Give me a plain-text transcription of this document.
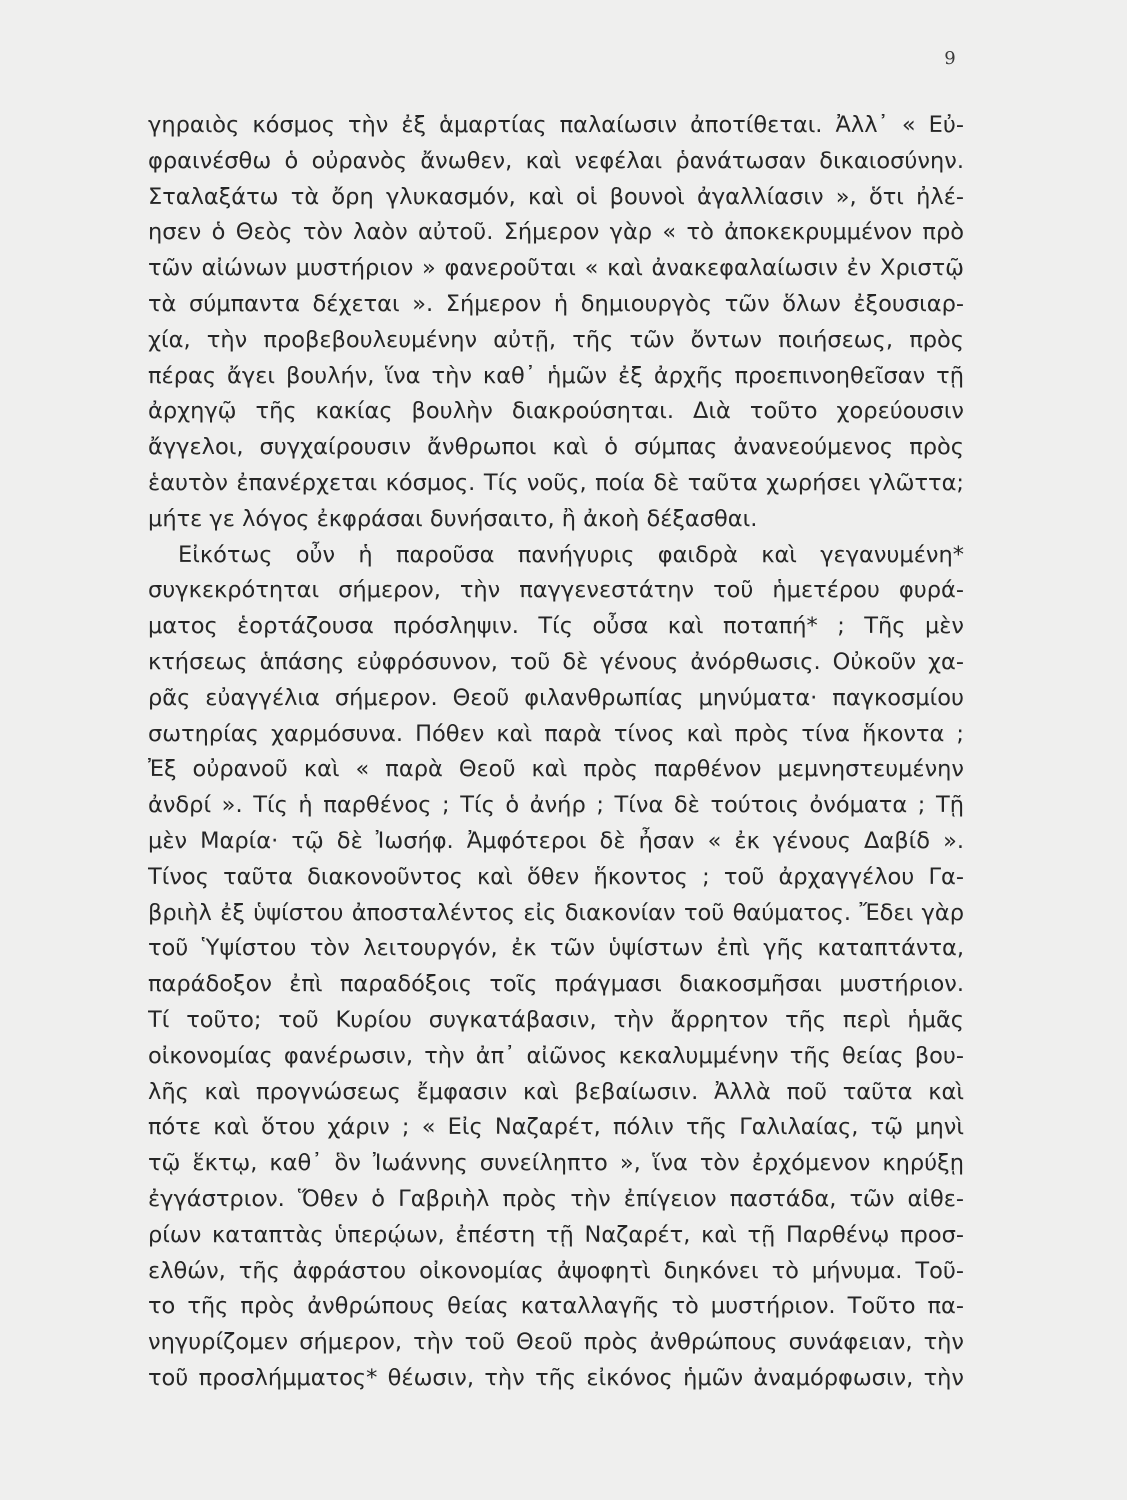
9
γηραιὸς κόσμος τὴν ἐξ ἁμαρτίας παλαίωσιν ἀποτίθεται. Ἀλλ᾽ « Εὐ-
φραινέσθω ὁ οὐρανὸς ἄνωθεν, καὶ νεφέλαι ῥανάτωσαν δικαιοσύνην.
Σταλαξάτω τὰ ὄρη γλυκασμόν, καὶ οἱ βουνοὶ ἀγαλλίασιν », ὅτι ἠλέ-
ησεν ὁ Θεὸς τὸν λαὸν αὐτοῦ. Σήμερον γὰρ « τὸ ἀποκεκρυμμένον πρὸ
τῶν αἰώνων μυστήριον » φανεροῦται « καὶ ἀνακεφαλαίωσιν ἐν Χριστῷ
τὰ σύμπαντα δέχεται ». Σήμερον ἡ δημιουργὸς τῶν ὅλων ἐξουσιαρ-
χία, τὴν προβεβουλευμένην αὐτῇ, τῆς τῶν ὄντων ποιήσεως, πρὸς
πέρας ἄγει βουλήν, ἵνα τὴν καθ᾽ ἡμῶν ἐξ ἀρχῆς προεπινοηθεῖσαν τῇ
ἀρχηγῷ τῆς κακίας βουλὴν διακρούσηται. Διὰ τοῦτο χορεύουσιν
ἄγγελοι, συγχαίρουσιν ἄνθρωποι καὶ ὁ σύμπας ἀνανεούμενος πρὸς
ἑαυτὸν ἐπανέρχεται κόσμος. Τίς νοῦς, ποία δὲ ταῦτα χωρήσει γλῶττα;
μήτε γε λόγος ἐκφράσαι δυνήσαιτο, ἢ ἀκοὴ δέξασθαι.
Εἰκότως οὖν ἡ παροῦσα πανήγυρις φαιδρὰ καὶ γεγανυμένη*
συγκεκρότηται σήμερον, τὴν παγγενεστάτην τοῦ ἡμετέρου φυρά-
ματος ἑορτάζουσα πρόσληψιν. Τίς οὖσα καὶ ποταπή* ; Τῆς μὲν
κτήσεως ἁπάσης εὐφρόσυνον, τοῦ δὲ γένους ἀνόρθωσις. Οὐκοῦν χα-
ρᾶς εὐαγγέλια σήμερον. Θεοῦ φιλανθρωπίας μηνύματα· παγκοσμίου
σωτηρίας χαρμόσυνα. Πόθεν καὶ παρὰ τίνος καὶ πρὸς τίνα ἥκοντα ;
Ἐξ οὐρανοῦ καὶ « παρὰ Θεοῦ καὶ πρὸς παρθένον μεμνηστευμένην
ἀνδρί ». Τίς ἡ παρθένος ; Τίς ὁ ἀνήρ ; Τίνα δὲ τούτοις ὀνόματα ; Τῇ
μὲν Μαρία· τῷ δὲ Ἰωσήφ. Ἀμφότεροι δὲ ἦσαν « ἐκ γένους Δαβίδ ».
Τίνος ταῦτα διακονοῦντος καὶ ὅθεν ἥκοντος ; τοῦ ἀρχαγγέλου Γα-
βριὴλ ἐξ ὑψίστου ἀποσταλέντος εἰς διακονίαν τοῦ θαύματος. Ἔδει γὰρ
τοῦ Ὑψίστου τὸν λειτουργόν, ἐκ τῶν ὑψίστων ἐπὶ γῆς καταπτάντα,
παράδοξον ἐπὶ παραδόξοις τοῖς πράγμασι διακοσμῆσαι μυστήριον.
Τί τοῦτο; τοῦ Κυρίου συγκατάβασιν, τὴν ἄρρητον τῆς περὶ ἡμᾶς
οἰκονομίας φανέρωσιν, τὴν ἀπ᾽ αἰῶνος κεκαλυμμένην τῆς θείας βου-
λῆς καὶ προγνώσεως ἔμφασιν καὶ βεβαίωσιν. Ἀλλὰ ποῦ ταῦτα καὶ
πότε καὶ ὅτου χάριν ; « Εἰς Ναζαρέτ, πόλιν τῆς Γαλιλαίας, τῷ μηνὶ
τῷ ἕκτῳ, καθ᾽ ὃν Ἰωάννης συνείληπτο », ἵνα τὸν ἐρχόμενον κηρύξῃ
ἐγγάστριον. Ὅθεν ὁ Γαβριὴλ πρὸς τὴν ἐπίγειον παστάδα, τῶν αἰθε-
ρίων καταπτὰς ὑπερῴων, ἐπέστη τῇ Ναζαρέτ, καὶ τῇ Παρθένῳ προσ-
ελθών, τῆς ἀφράστου οἰκονομίας ἀψοφητὶ διηκόνει τὸ μήνυμα. Τοῦ-
το τῆς πρὸς ἀνθρώπους θείας καταλλαγῆς τὸ μυστήριον. Τοῦτο πα-
νηγυρίζομεν σήμερον, τὴν τοῦ Θεοῦ πρὸς ἀνθρώπους συνάφειαν, τὴν
τοῦ προσλήμματος* θέωσιν, τὴν τῆς εἰκόνος ἡμῶν ἀναμόρφωσιν, τὴν
